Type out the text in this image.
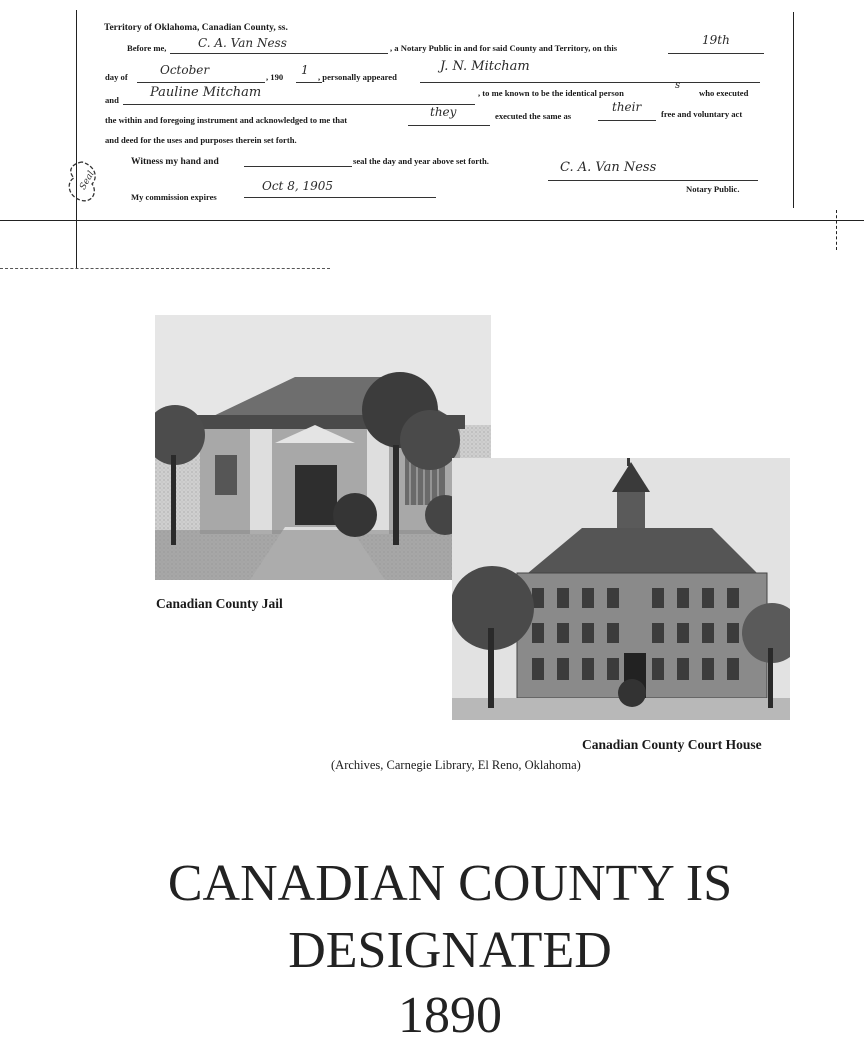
Territory of Oklahoma, Canadian County, ss.
Before me,	C. A. Van Ness	, a Notary Public in and for said County and Territory, on this
19th
day of	October	, 190 1 , personally appeared
J. N. Mitcham
and Pauline Mitcham	, to me known to be the identical person
s
who executed
the within and foregoing instrument and acknowledged to me that
they	executed the same as
their free and voluntary act
and deed for the uses and purposes therein set forth.
Witness my hand and	seal the day and year above set forth.	C. A. Van Ness
Notary Public.
My commission expires
Oct 8, 1905
Seal
Canadian County Jail
Canadian County Court House
(Archives, Carnegie Library, El Reno, Oklahoma)
CANADIAN COUNTY IS
DESIGNATED
1890
